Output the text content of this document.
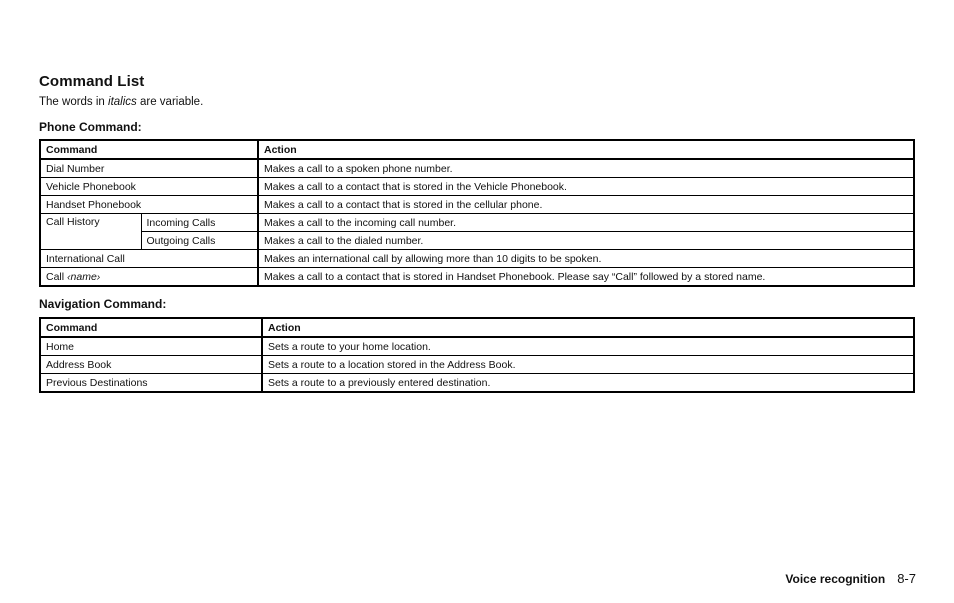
Command List
The words in italics are variable.
Phone Command:
Command		Action
Dial Number		Makes a call to a spoken phone number.
Vehicle Phonebook		Makes a call to a contact that is stored in the Vehicle Phonebook.
Handset Phonebook		Makes a call to a contact that is stored in the cellular phone.
Call History	Incoming Calls	Makes a call to the incoming call number.
	Outgoing Calls	Makes a call to the dialed number.
International Call		Makes an international call by allowing more than 10 digits to be spoken.
Call ‹name›		Makes a call to a contact that is stored in Handset Phonebook. Please say “Call” followed by a stored name.
Navigation Command:
Command	Action
Home	Sets a route to your home location.
Address Book	Sets a route to a location stored in the Address Book.
Previous Destinations	Sets a route to a previously entered destination.
Voice recognition 8-7
